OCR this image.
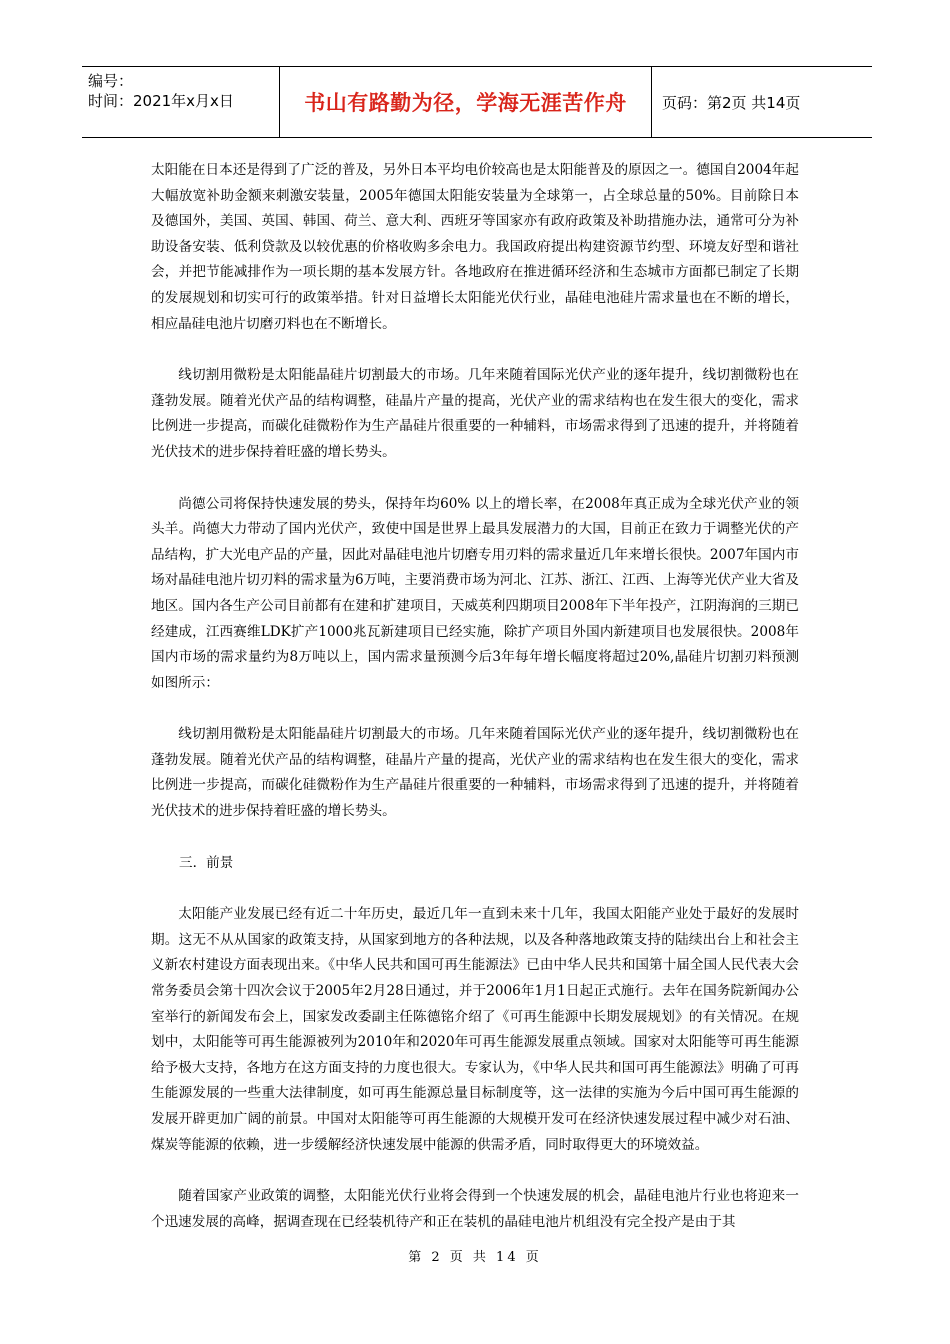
编号：
时间：2021年x月x日	书山有路勤为径，学海无涯苦作舟	页码：第2页 共14页

太阳能在日本还是得到了广泛的普及，另外日本平均电价较高也是太阳能普及的原因之一。德国自2004年起大幅放宽补助金额来刺激安装量，2005年德国太阳能安装量为全球第一，占全球总量的50%。目前除日本及德国外，美国、英国、韩国、荷兰、意大利、西班牙等国家亦有政府政策及补助措施办法，通常可分为补助设备安装、低利贷款及以较优惠的价格收购多余电力。我国政府提出构建资源节约型、环境友好型和谐社会，并把节能减排作为一项长期的基本发展方针。各地政府在推进循环经济和生态城市方面都已制定了长期的发展规划和切实可行的政策举措。针对日益增长太阳能光伏行业，晶硅电池硅片需求量也在不断的增长，相应晶硅电池片切磨刃料也在不断增长。

线切割用微粉是太阳能晶硅片切割最大的市场。几年来随着国际光伏产业的逐年提升，线切割微粉也在蓬勃发展。随着光伏产品的结构调整，硅晶片产量的提高，光伏产业的需求结构也在发生很大的变化，需求比例进一步提高，而碳化硅微粉作为生产晶硅片很重要的一种辅料，市场需求得到了迅速的提升，并将随着光伏技术的进步保持着旺盛的增长势头。

尚德公司将保持快速发展的势头，保持年均60% 以上的增长率，在2008年真正成为全球光伏产业的领头羊。尚德大力带动了国内光伏产，致使中国是世界上最具发展潜力的大国，目前正在致力于调整光伏的产品结构，扩大光电产品的产量，因此对晶硅电池片切磨专用刃料的需求量近几年来增长很快。2007年国内市场对晶硅电池片切刃料的需求量为6万吨，主要消费市场为河北、江苏、浙江、江西、上海等光伏产业大省及地区。国内各生产公司目前都有在建和扩建项目，天威英利四期项目2008年下半年投产，江阴海润的三期已经建成，江西赛维LDK扩产1000兆瓦新建项目已经实施，除扩产项目外国内新建项目也发展很快。2008年国内市场的需求量约为8万吨以上，国内需求量预测今后3年每年增长幅度将超过20%,晶硅片切割刃料预测如图所示：

线切割用微粉是太阳能晶硅片切割最大的市场。几年来随着国际光伏产业的逐年提升，线切割微粉也在蓬勃发展。随着光伏产品的结构调整，硅晶片产量的提高，光伏产业的需求结构也在发生很大的变化，需求比例进一步提高，而碳化硅微粉作为生产晶硅片很重要的一种辅料，市场需求得到了迅速的提升，并将随着光伏技术的进步保持着旺盛的增长势头。

三．前景

太阳能产业发展已经有近二十年历史，最近几年一直到未来十几年，我国太阳能产业处于最好的发展时期。这无不从从国家的政策支持，从国家到地方的各种法规，以及各种落地政策支持的陆续出台上和社会主义新农村建设方面表现出来。《中华人民共和国可再生能源法》已由中华人民共和国第十届全国人民代表大会常务委员会第十四次会议于2005年2月28日通过，并于2006年1月1日起正式施行。去年在国务院新闻办公室举行的新闻发布会上，国家发改委副主任陈德铭介绍了《可再生能源中长期发展规划》的有关情况。在规划中，太阳能等可再生能源被列为2010年和2020年可再生能源发展重点领域。国家对太阳能等可再生能源给予极大支持，各地方在这方面支持的力度也很大。专家认为，《中华人民共和国可再生能源法》明确了可再生能源发展的一些重大法律制度，如可再生能源总量目标制度等，这一法律的实施为今后中国可再生能源的发展开辟更加广阔的前景。中国对太阳能等可再生能源的大规模开发可在经济快速发展过程中减少对石油、煤炭等能源的依赖，进一步缓解经济快速发展中能源的供需矛盾，同时取得更大的环境效益。

随着国家产业政策的调整，太阳能光伏行业将会得到一个快速发展的机会，晶硅电池片行业也将迎来一个迅速发展的高峰，据调查现在已经装机待产和正在装机的晶硅电池片机组没有完全投产是由于其

第 2 页 共 14 页
